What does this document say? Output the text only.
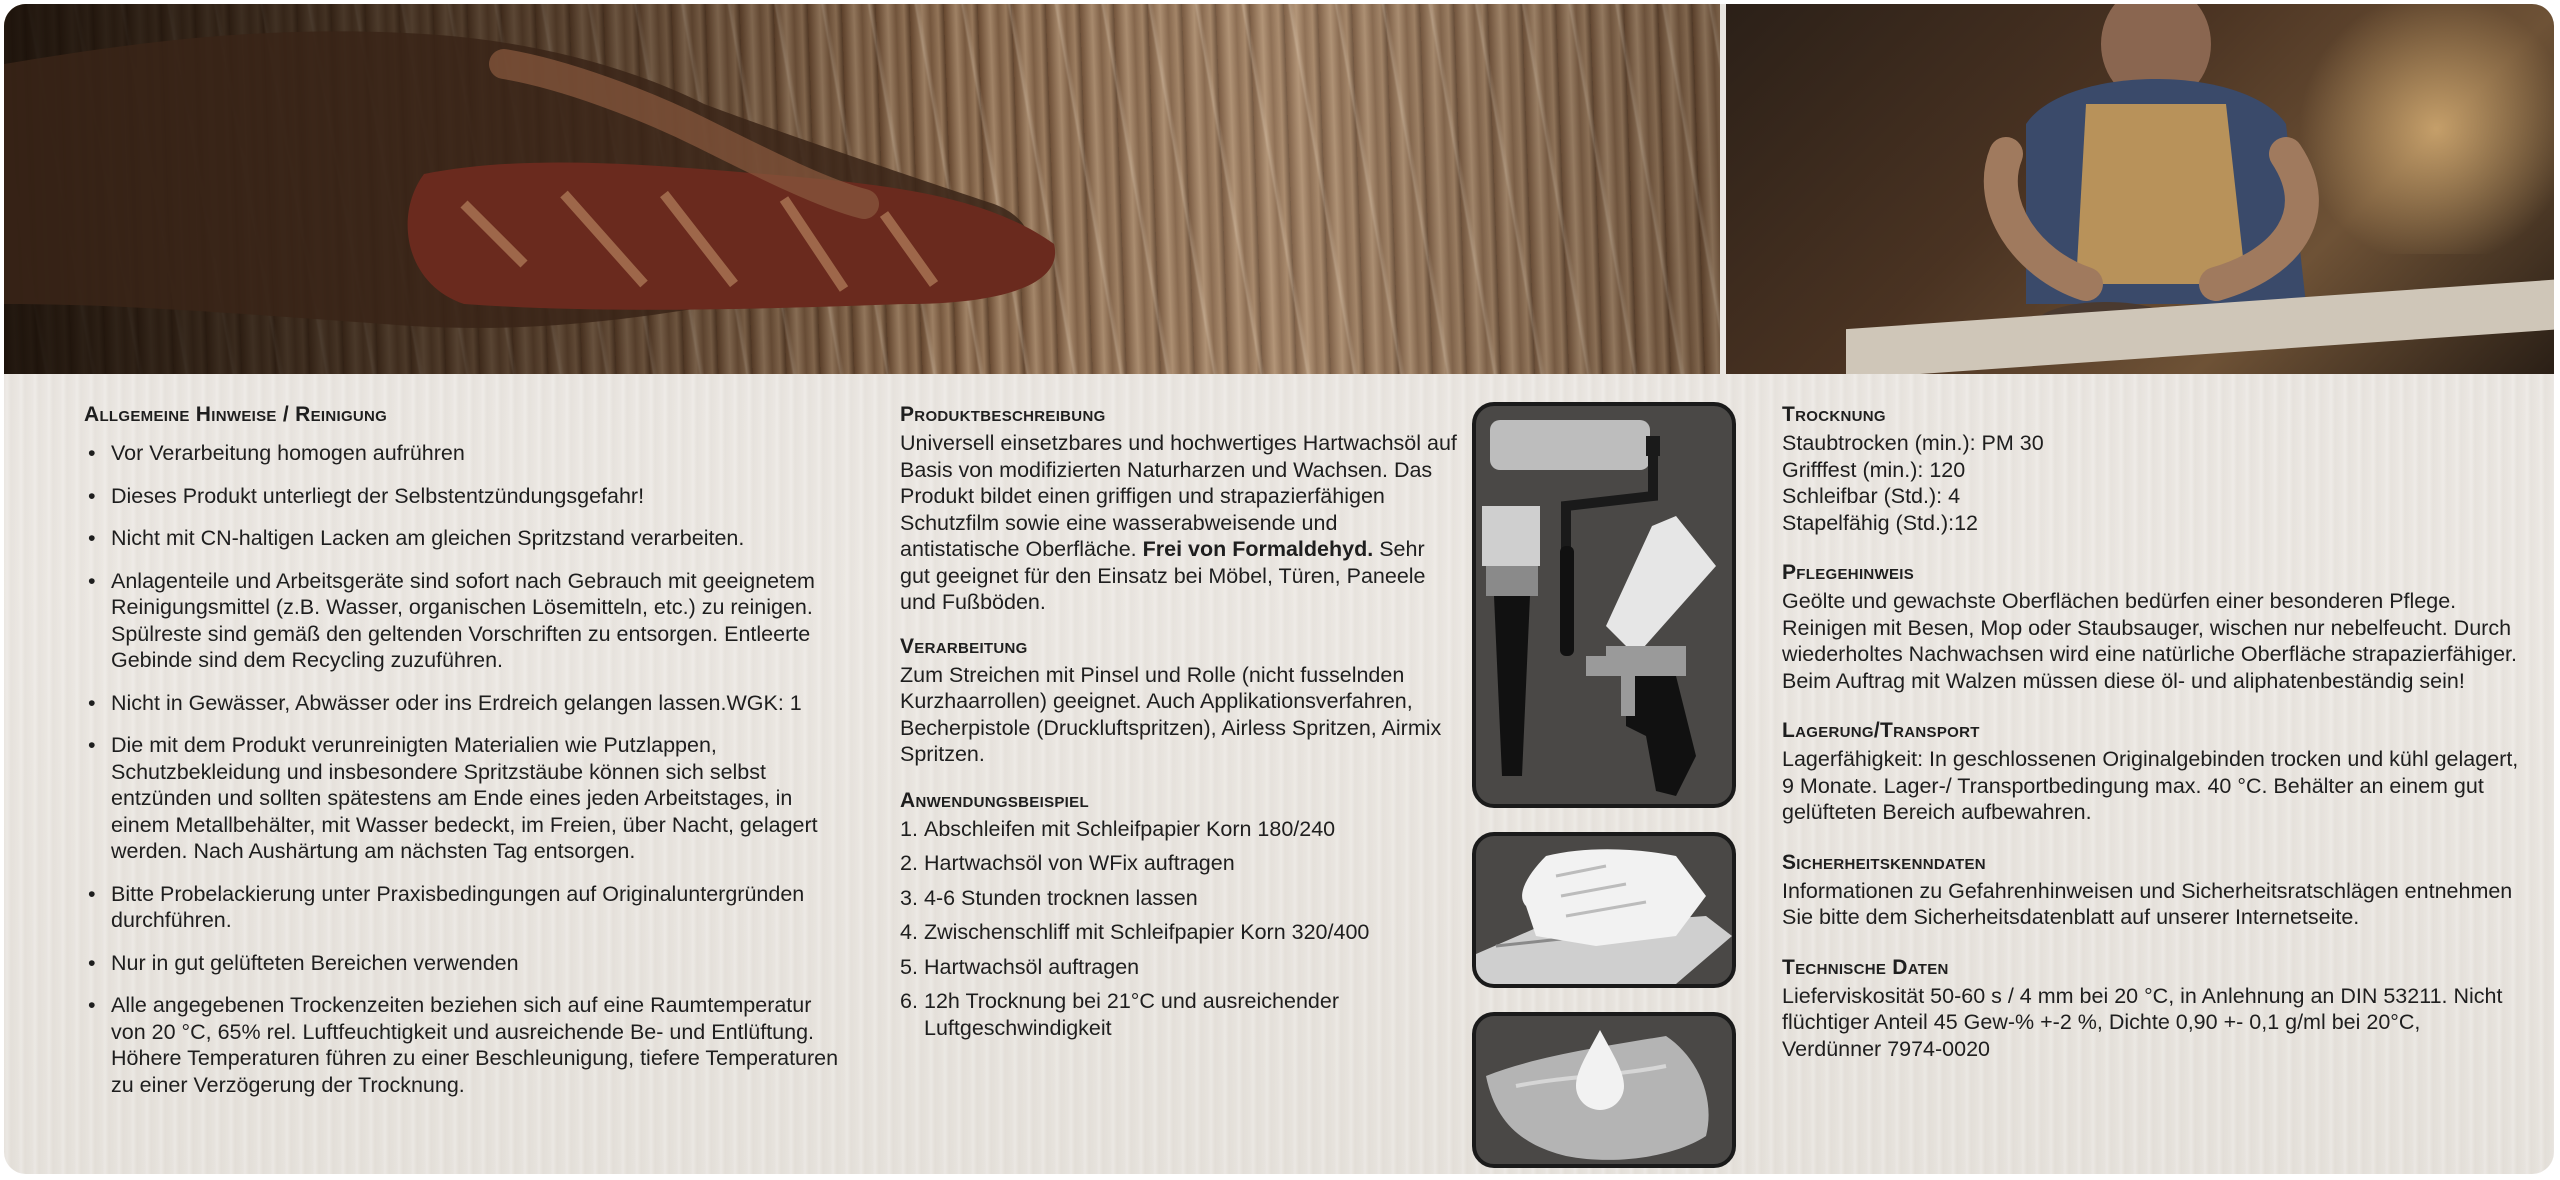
Allgemeine Hinweise / Reinigung
• Vor Verarbeitung homogen aufrühren
• Dieses Produkt unterliegt der Selbstentzündungsgefahr!
• Nicht mit CN-haltigen Lacken am gleichen Spritzstand verarbeiten.
• Anlagenteile und Arbeitsgeräte sind sofort nach Gebrauch mit geeignetem Reinigungsmittel (z.B. Wasser, organischen Lösemitteln, etc.) zu reinigen. Spülreste sind gemäß den geltenden Vorschriften zu entsorgen. Entleerte Gebinde sind dem Recycling zuzuführen.
• Nicht in Gewässer, Abwässer oder ins Erdreich gelangen lassen.WGK: 1
• Die mit dem Produkt verunreinigten Materialien wie Putzlappen, Schutzbekleidung und insbesondere Spritzstäube können sich selbst entzünden und sollten spätestens am Ende eines jeden Arbeitstages, in einem Metallbehälter, mit Wasser bedeckt, im Freien, über Nacht, gelagert werden. Nach Aushärtung am nächsten Tag entsorgen.
• Bitte Probelackierung unter Praxisbedingungen auf Originaluntergründen durchführen.
• Nur in gut gelüfteten Bereichen verwenden
• Alle angegebenen Trockenzeiten beziehen sich auf eine Raumtemperatur von 20 °C, 65% rel. Luftfeuchtigkeit und ausreichende Be- und Entlüftung. Höhere Temperaturen führen zu einer Beschleunigung, tiefere Temperaturen zu einer Verzögerung der Trocknung.
Produktbeschreibung

Universell einsetzbares und hochwertiges Hartwachsöl auf Basis von modifizierten Naturharzen und Wachsen. Das Produkt bildet einen griffigen und strapazierfähigen Schutzfilm sowie eine wasserabweisende und antistatische Oberfläche. Frei von Formaldehyd. Sehr gut geeignet für den Einsatz bei Möbel, Türen, Paneele und Fußböden.

Verarbeitung

Zum Streichen mit Pinsel und Rolle (nicht fusselnden Kurzhaarrollen) geeignet. Auch Applikationsverfahren, Becherpistole (Druckluftspritzen), Airless Spritzen, Airmix Spritzen.

Anwendungsbeispiel
1. Abschleifen mit Schleifpapier Korn 180/240
2. Hartwachsöl von WFix auftragen
3. 4-6 Stunden trocknen lassen
4. Zwischenschliff mit Schleifpapier Korn 320/400
5. Hartwachsöl auftragen
6. 12h Trocknung bei 21°C und ausreichender Luftgeschwindigkeit
Trocknung
Staubtrocken (min.): PM 30
Grifffest (min.): 120
Schleifbar (Std.): 4
Stapelfähig (Std.):12
Pflegehinweis

Geölte und gewachste Oberflächen bedürfen einer besonderen Pflege. Reinigen mit Besen, Mop oder Staubsauger, wischen nur nebelfeucht. Durch wiederholtes Nachwachsen wird eine natürliche Oberfläche strapazierfähiger. Beim Auftrag mit Walzen müssen diese öl- und aliphatenbeständig sein!

Lagerung/Transport

Lagerfähigkeit: In geschlossenen Originalgebinden trocken und kühl gelagert, 9 Monate. Lager-/ Transportbedingung max. 40 °C. Behälter an einem gut gelüfteten Bereich aufbewahren.

Sicherheitskenndaten

Informationen zu Gefahrenhinweisen und Sicherheitsratschlägen entnehmen Sie bitte dem Sicherheitsdatenblatt auf unserer Internetseite.

Technische Daten

Lieferviskosität 50-60 s / 4 mm bei 20 °C, in Anlehnung an DIN 53211. Nicht flüchtiger Anteil 45 Gew-% +-2 %, Dichte 0,90 +- 0,1 g/ml bei 20°C, Verdünner 7974-0020
